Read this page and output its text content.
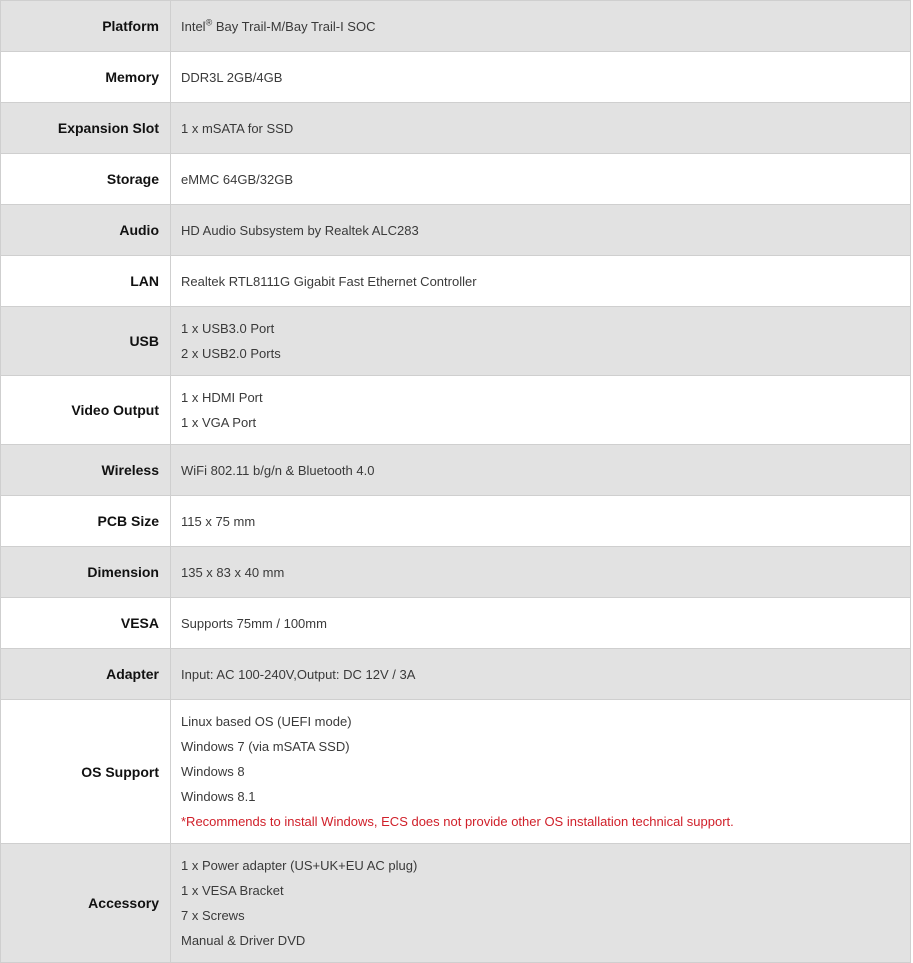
Platform	Intel® Bay Trail-M/Bay Trail-I SOC

Memory	DDR3L 2GB/4GB

Expansion Slot	1 x mSATA for SSD

Storage	eMMC 64GB/32GB

Audio	HD Audio Subsystem by Realtek ALC283

LAN	Realtek RTL8111G Gigabit Fast Ethernet Controller

USB	1 x USB3.0 Port
2 x USB2.0 Ports

Video Output	1 x HDMI Port
1 x VGA Port

Wireless	WiFi 802.11 b/g/n & Bluetooth 4.0

PCB Size	115 x 75 mm

Dimension	135 x 83 x 40 mm

VESA	Supports 75mm / 100mm

Adapter	Input: AC 100-240V,Output: DC 12V / 3A

OS Support	Linux based OS (UEFI mode)
Windows 7 (via mSATA SSD)
Windows 8
Windows 8.1
*Recommends to install Windows, ECS does not provide other OS installation technical support.

Accessory	1 x Power adapter (US+UK+EU AC plug)
1 x VESA Bracket
7 x Screws
Manual & Driver DVD
